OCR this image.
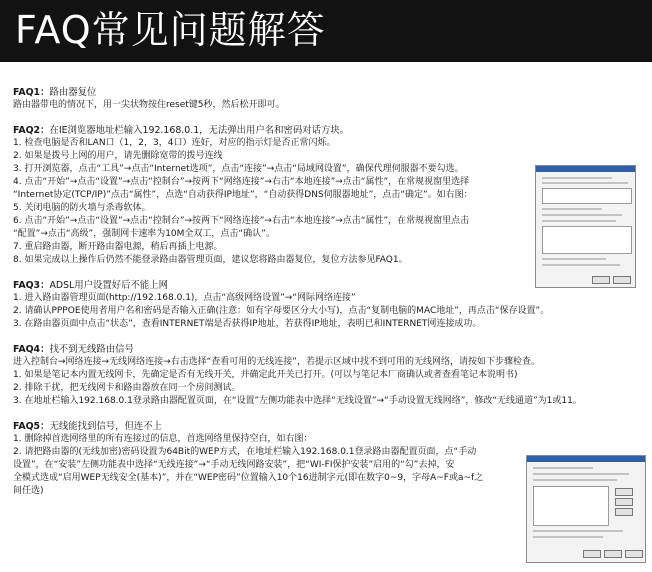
FAQ常见问题解答
FAQ1：路由器复位
路由器带电的情况下，用一尖状物按住reset键5秒，然后松开即可。
FAQ2：在IE浏览器地址栏输入192.168.0.1，无法弹出用户名和密码对话方块。
1. 检查电脑是否和LAN口（1，2，3，4口）连好，对应的指示灯是否正常闪烁。
2. 如果是拨号上网的用户，请先删除宽带的拨号连线
3. 打开浏览器，点击“工具”→点击“Internet选项”，点击“连接”→点击“局域网设置”，确保代理伺服器不要勾选。
4. 点击“开始”→点击“设置”→点击“控制台”→按两下“网络连接”→右击“本地连接”→点击“属性”，在常规视窗里选择
“Internet协定(TCP/IP)”点击“属性”，点选“自动获得IP地址”，“自动获得DNS伺服器地址”，点击“确定”。如右图：
5. 关闭电脑的防火墙与杀毒软体。
6. 点击“开始”→点击“设置”→点击“控制台”→按两下“网络连接”→右击“本地连接”→点击“属性”，在常规视窗里点击
“配置”→点击“高级”，强制网卡速率为10M全双工，点击“确认”。
7. 重启路由器，断开路由器电源，稍后再插上电源。
8. 如果完成以上操作后仍然不能登录路由器管理页面，建议您将路由器复位，复位方法参见FAQ1。
FAQ3：ADSL用户设置好后不能上网
1. 进入路由器管理页面(http://192.168.0.1)，点击“高级网络设置”→“网际网络连接”
2. 请确认PPPOE使用者用户名和密码是否输入正确(注意：如有字母要区分大小写)，点击“复制电脑的MAC地址”，再点击“保存设置”。
3. 在路由器页面中点击“状态”，查看INTERNET端是否获得IP地址，若获得IP地址，表明已和INTERNET网连接成功。
FAQ4：找不到无线路由信号
进入控制台→网络连接→无线网络连接→右击选择“查看可用的无线连接”，若提示区域中找不到可用的无线网络，请按如下步骤检查。
1. 如果是笔记本内置无线网卡，先确定是否有无线开关，并确定此开关已打开。(可以与笔记本厂商确认或者查看笔记本说明书)
2. 排除干扰，把无线网卡和路由器放在同一个房间测试。
3. 在地址栏输入192.168.0.1登录路由器配置页面，在“设置”左侧功能表中选择“无线设置”→“手动设置无线网络”，修改“无线通道”为1或11。
FAQ5：无线能找到信号，但连不上
1. 删除掉首选网络里的所有连接过的信息，首选网络里保持空白，如右图：
2. 请把路由器的(无线加密)密码设置为64Bit的WEP方式，在地址栏输入192.168.0.1登录路由器配置页面，点“手动
设置”，在“安装”左侧功能表中选择“无线连接”→“手动无线网路安装”，把“WI-FI保护安装”启用的“勾”去掉，安
全模式选成“启用WEP无线安全(基本)”，并在“WEP密码”位置输入10个16进制字元(即在数字0~9，字母A~F或a~f之
间任选)
